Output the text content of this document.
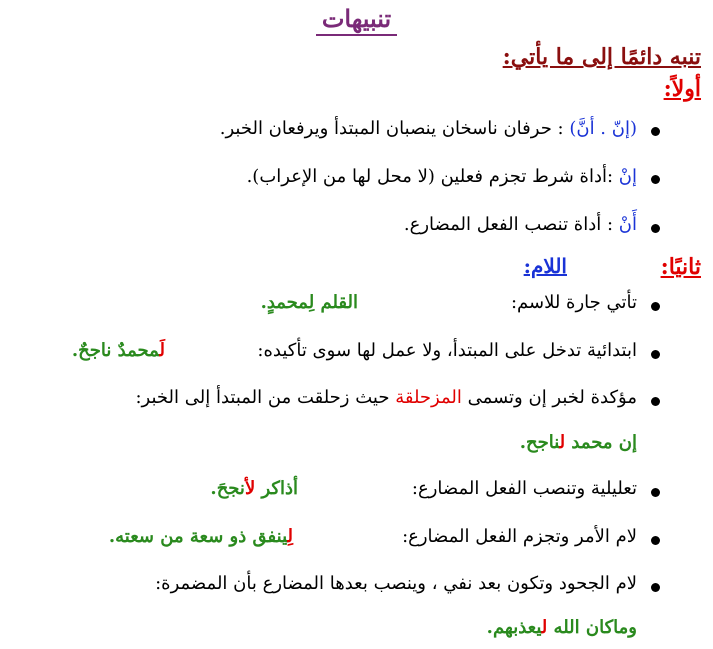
تنبيهات
تنبه دائمًا إلى ما يأتي:
أولاً:
(إنّ . أنَّ) : حرفان ناسخان ينصبان المبتدأ ويرفعان الخبر.
إنْ :أداة شرط تجزم فعلين (لا محل لها من الإعراب).
أَنْ : أداة تنصب الفعل المضارع.
ثانيًا:
اللام:
تأتي جارة للاسم:
القلم لِمحمدٍ.
ابتدائية تدخل على المبتدأ، ولا عمل لها سوى تأكيده:
لَمحمدٌ ناجحٌ.
مؤكدة لخبر إن وتسمى المزحلقة حيث زحلقت من المبتدأ إلى الخبر:
إن محمد لناجح.
تعليلية وتنصب الفعل المضارع:
أذاكر لأنجحَ.
لام الأمر وتجزم الفعل المضارع:
لِينفق ذو سعة من سعته.
لام الجحود وتكون بعد نفي ، وينصب بعدها المضارع بأن المضمرة:
وماكان الله ليعذبهم.
